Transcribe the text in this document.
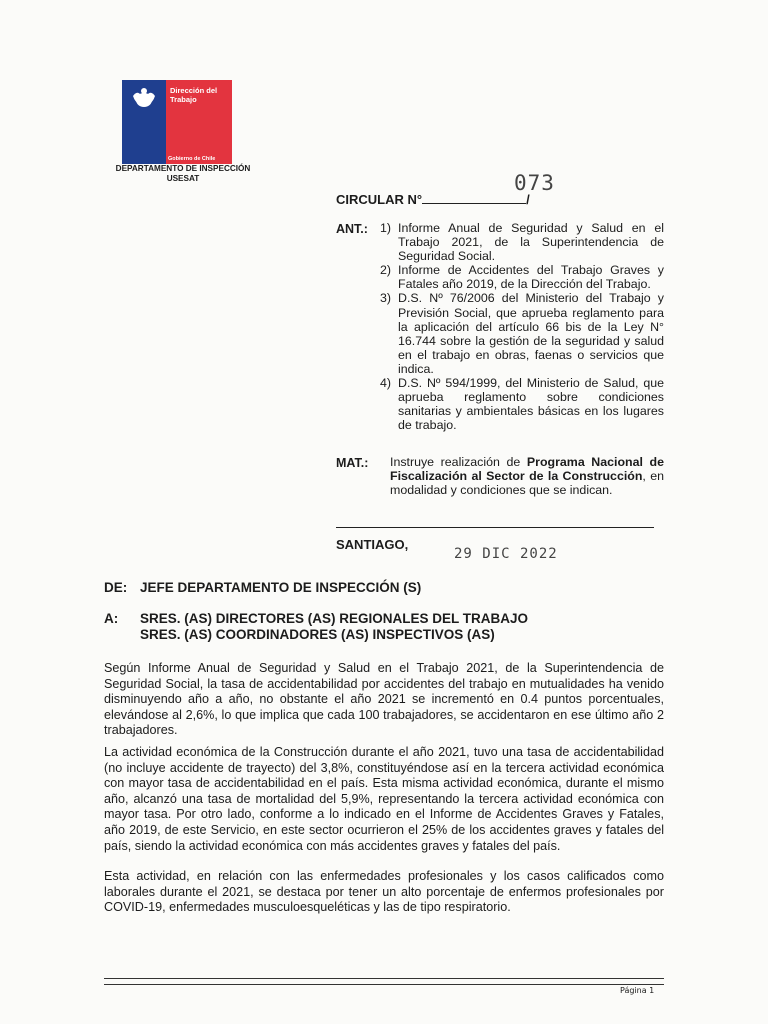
Dirección del Trabajo
Gobierno de Chile
DEPARTAMENTO DE INSPECCIÓN
USESAT
CIRCULAR N°	/
073
ANT.: 1) Informe Anual de Seguridad y Salud en el Trabajo 2021, de la Superintendencia de Seguridad Social.
2) Informe de Accidentes del Trabajo Graves y Fatales año 2019, de la Dirección del Trabajo.
3) D.S. Nº 76/2006 del Ministerio del Trabajo y Previsión Social, que aprueba reglamento para la aplicación del artículo 66 bis de la Ley N° 16.744 sobre la gestión de la seguridad y salud en el trabajo en obras, faenas o servicios que indica.
4) D.S. Nº 594/1999, del Ministerio de Salud, que aprueba reglamento sobre condiciones sanitarias y ambientales básicas en los lugares de trabajo.
MAT.: Instruye realización de Programa Nacional de Fiscalización al Sector de la Construcción, en modalidad y condiciones que se indican.
SANTIAGO,
29 DIC 2022
DE: JEFE DEPARTAMENTO DE INSPECCIÓN (S)
A: SRES. (AS) DIRECTORES (AS) REGIONALES DEL TRABAJO
SRES. (AS) COORDINADORES (AS) INSPECTIVOS (AS)

Según Informe Anual de Seguridad y Salud en el Trabajo 2021, de la Superintendencia de Seguridad Social, la tasa de accidentabilidad por accidentes del trabajo en mutualidades ha venido disminuyendo año a año, no obstante el año 2021 se incrementó en 0.4 puntos porcentuales, elevándose al 2,6%, lo que implica que cada 100 trabajadores, se accidentaron en ese último año 2 trabajadores.

La actividad económica de la Construcción durante el año 2021, tuvo una tasa de accidentabilidad (no incluye accidente de trayecto) del 3,8%, constituyéndose así en la tercera actividad económica con mayor tasa de accidentabilidad en el país. Esta misma actividad económica, durante el mismo año, alcanzó una tasa de mortalidad del 5,9%, representando la tercera actividad económica con mayor tasa. Por otro lado, conforme a lo indicado en el Informe de Accidentes Graves y Fatales, año 2019, de este Servicio, en este sector ocurrieron el 25% de los accidentes graves y fatales del país, siendo la actividad económica con más accidentes graves y fatales del país.

Esta actividad, en relación con las enfermedades profesionales y los casos calificados como laborales durante el 2021, se destaca por tener un alto porcentaje de enfermos profesionales por COVID-19, enfermedades musculoesqueléticas y las de tipo respiratorio.

Página 1
